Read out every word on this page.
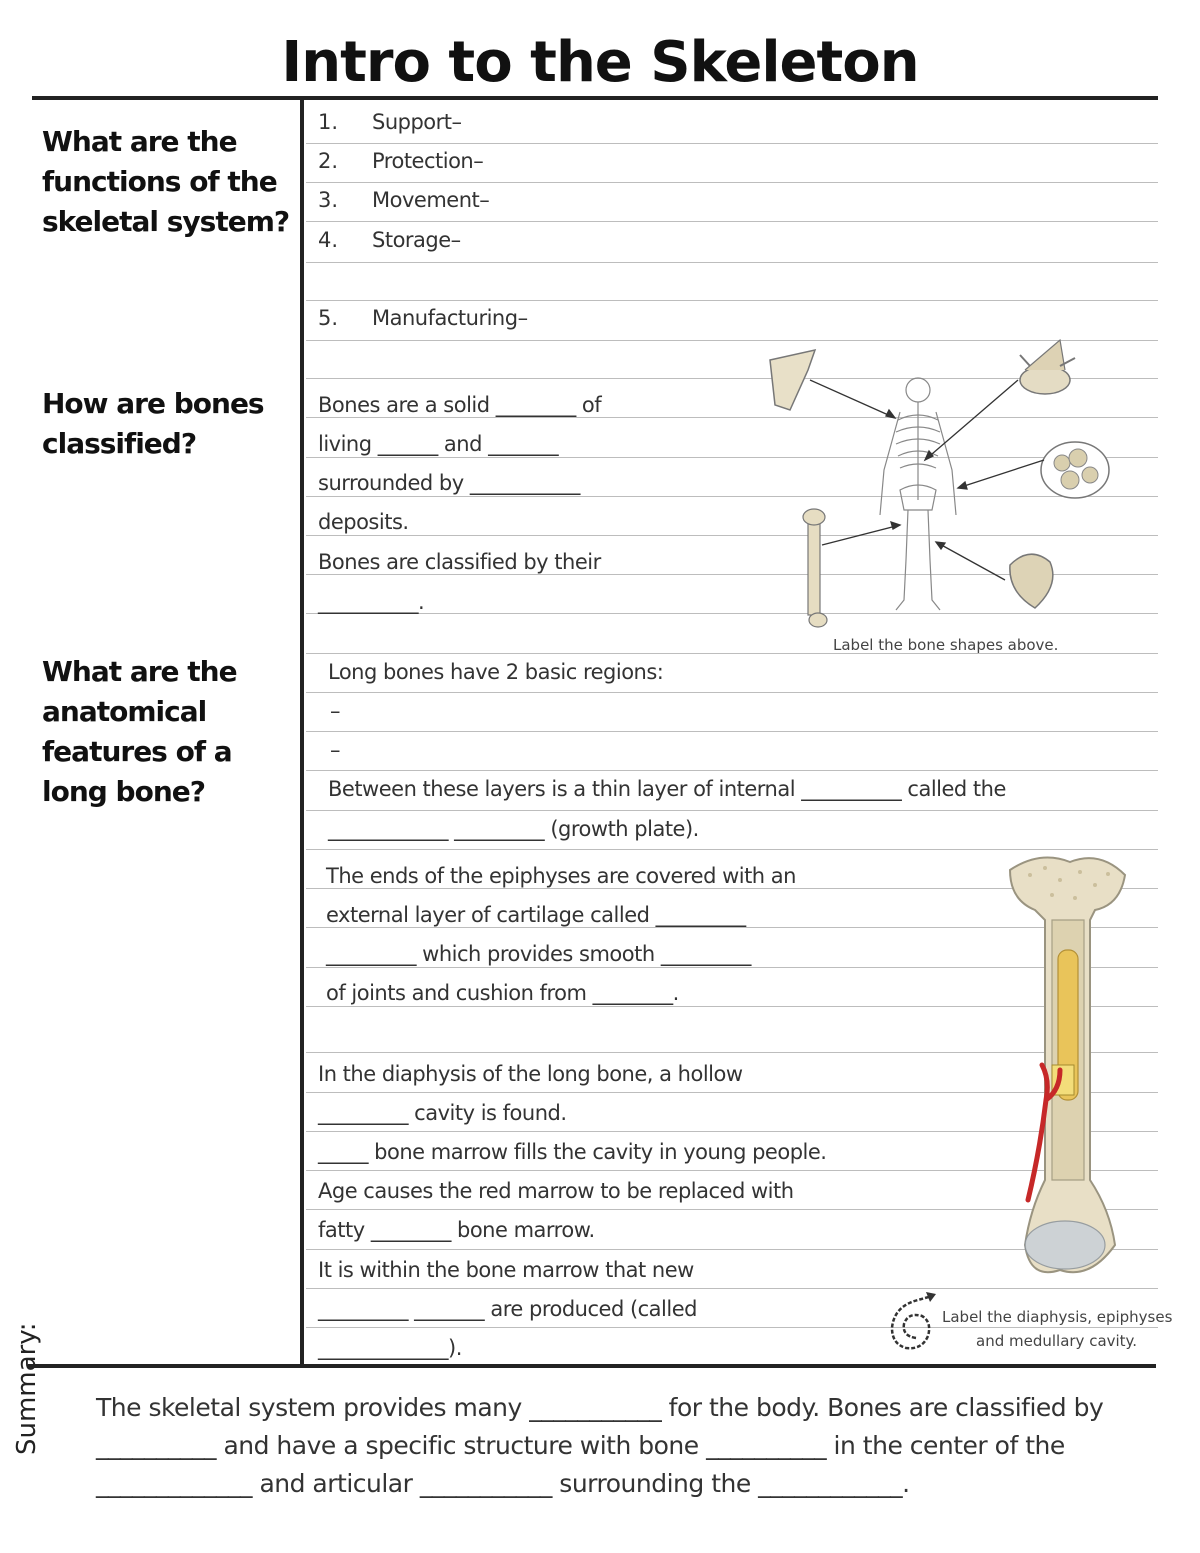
Intro to the Skeleton
What are the functions of the skeletal system?
How are bones classified?
What are the anatomical features of a long bone?
1. Support–
2. Protection–
3. Movement–
4. Storage–
5. Manufacturing–
Bones are a solid ________ of
living ______ and _______
surrounded by ___________
deposits.
Bones are classified by their
__________.
Label the bone shapes above.
Long bones have 2 basic regions:
–
–
Between these layers is a thin layer of internal __________ called the
____________ _________ (growth plate).
The ends of the epiphyses are covered with an
external layer of cartilage called _________
_________ which provides smooth _________
of joints and cushion from ________.
In the diaphysis of the long bone, a hollow
_________ cavity is found.
_____ bone marrow fills the cavity in young people.
Age causes the red marrow to be replaced with
fatty ________ bone marrow.
It is within the bone marrow that new
_________ _______ are produced (called
_____________).
Label the diaphysis, epiphyses
and medullary cavity.
Summary: The skeletal system provides many ___________ for the body. Bones are classified by
__________ and have a specific structure with bone __________ in the center of the
_____________ and articular ___________ surrounding the ____________.
